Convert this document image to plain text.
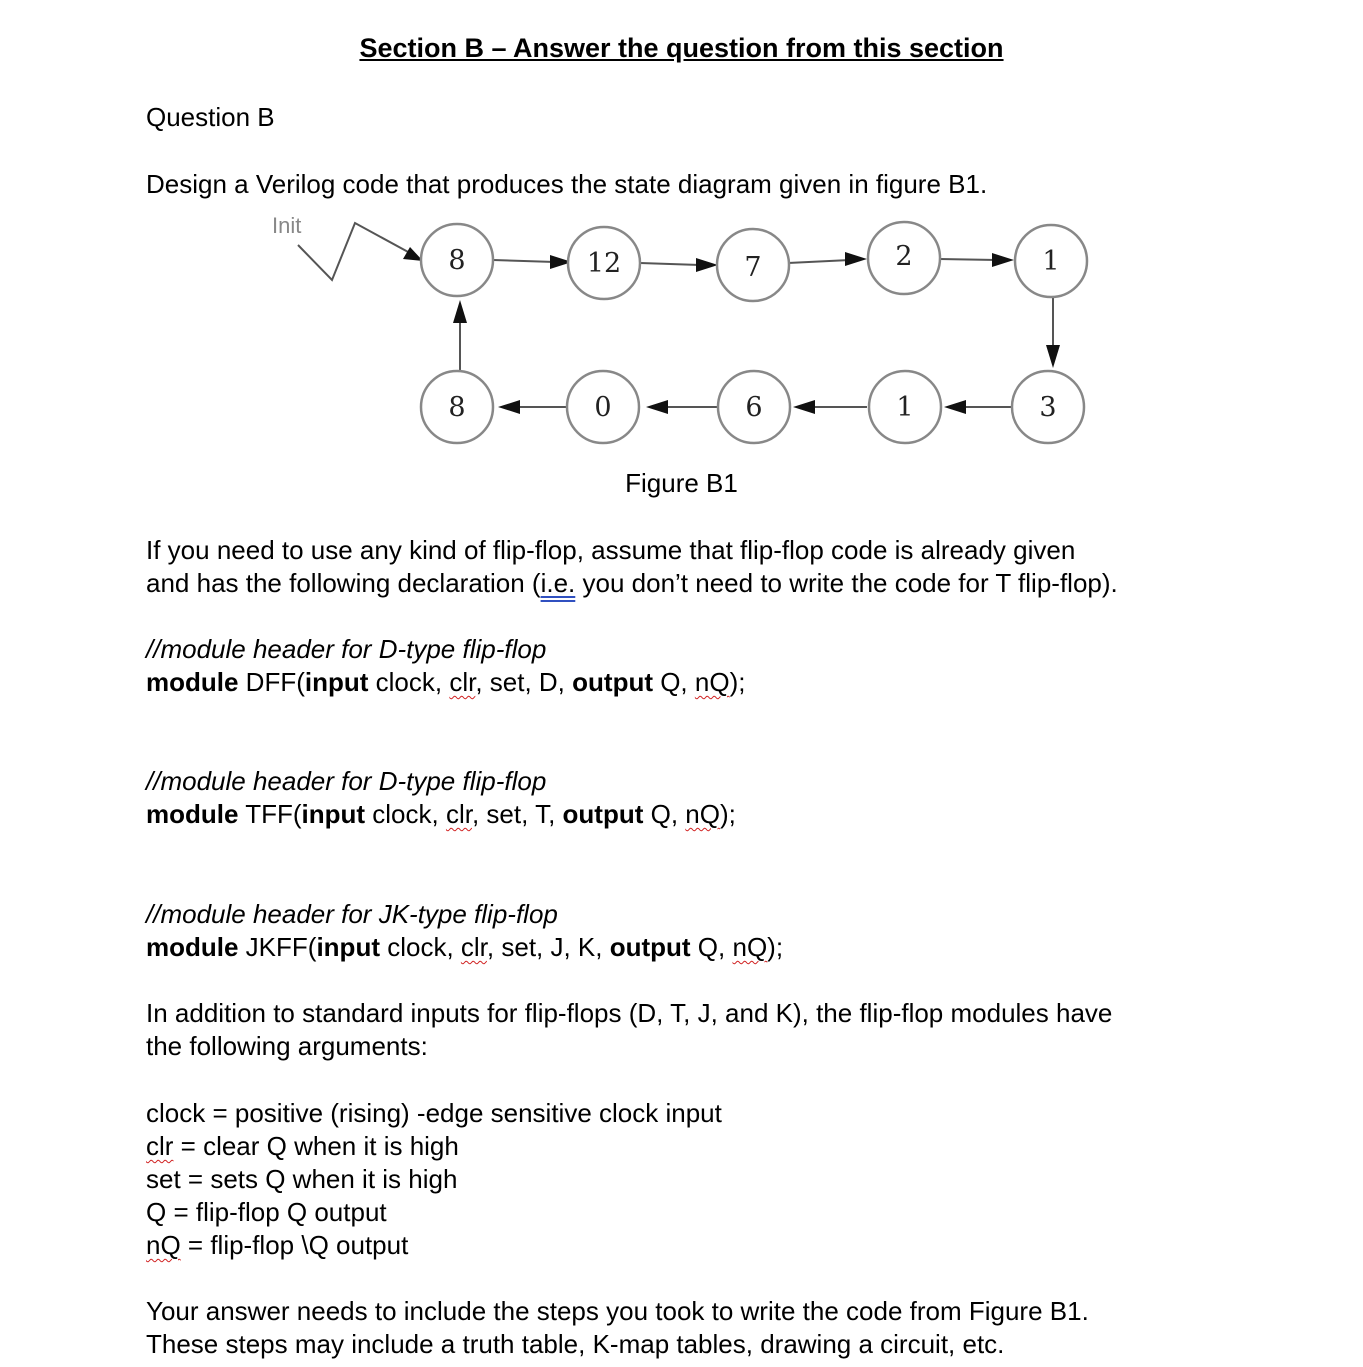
Section B – Answer the question from this section
Question B
Design a Verilog code that produces the state diagram given in figure B1.
Init
8	12	7	2	1
8	0	6	1	3
Figure B1
If you need to use any kind of flip-flop, assume that flip-flop code is already given
and has the following declaration (i.e. you don’t need to write the code for T flip-flop).
//module header for D-type flip-flop
module DFF(input clock, clr, set, D, output Q, nQ);
//module header for D-type flip-flop
module TFF(input clock, clr, set, T, output Q, nQ);
//module header for JK-type flip-flop
module JKFF(input clock, clr, set, J, K, output Q, nQ);
In addition to standard inputs for flip-flops (D, T, J, and K), the flip-flop modules have
the following arguments:
clock = positive (rising) -edge sensitive clock input
clr = clear Q when it is high
set = sets Q when it is high
Q = flip-flop Q output
nQ = flip-flop \Q output
Your answer needs to include the steps you took to write the code from Figure B1.
These steps may include a truth table, K-map tables, drawing a circuit, etc.
